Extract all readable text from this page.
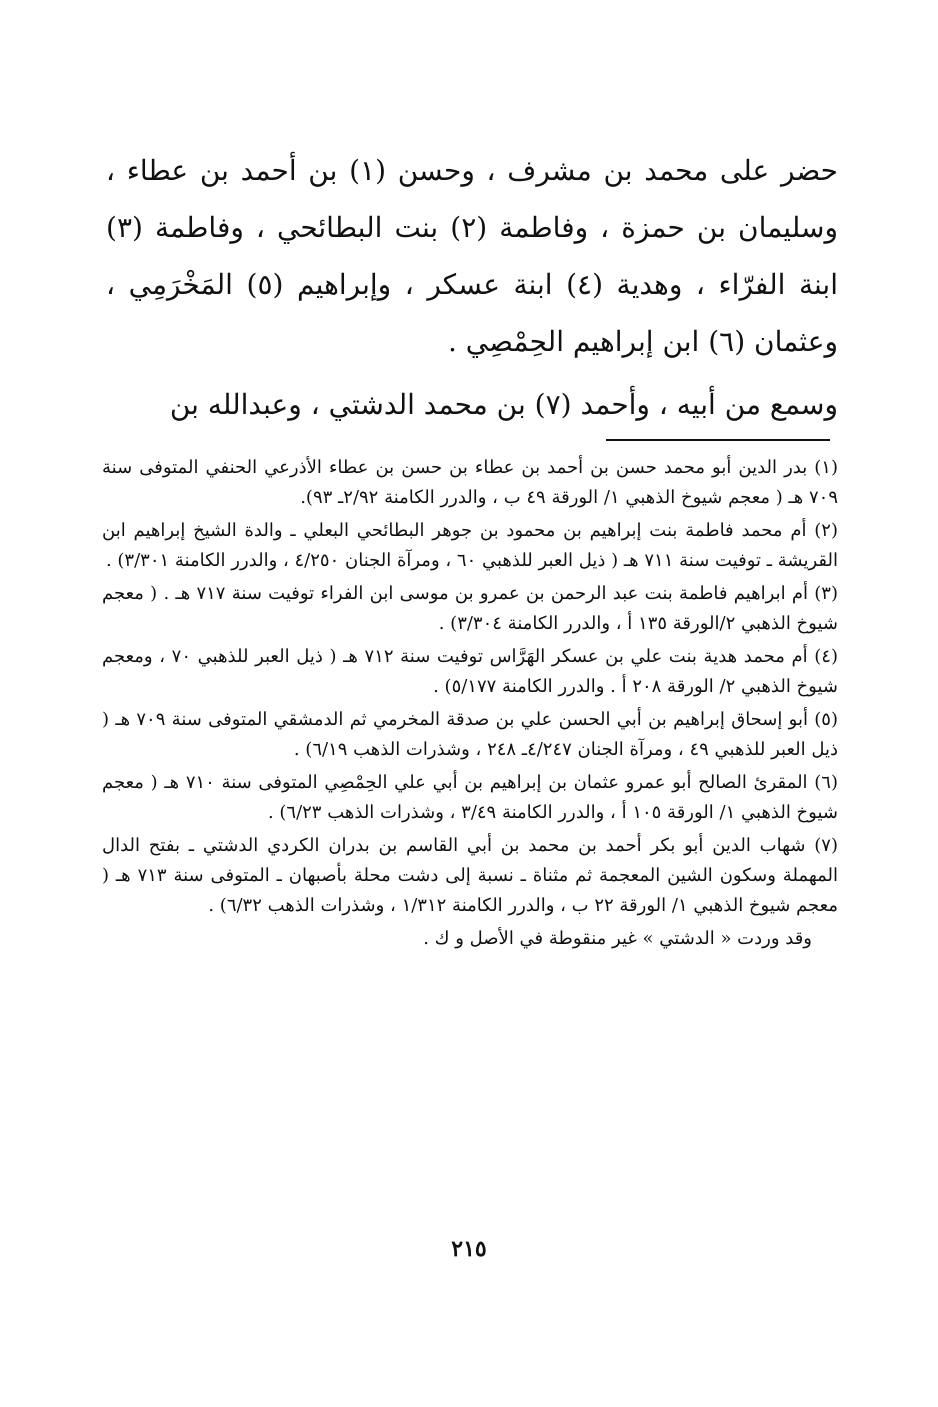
حضر على محمد بن مشرف ، وحسن (١) بن أحمد بن عطاء ، وسليمان بن حمزة ، وفاطمة (٢) بنت البطائحي ، وفاطمة (٣) ابنة الفرّاء ، وهدية (٤) ابنة عسكر ، وإبراهيم (٥) المَخْرَمِي ، وعثمان (٦) ابن إبراهيم الحِمْصِي .

وسمع من أبيه ، وأحمد (٧) بن محمد الدشتي ، وعبدالله بن

(١) بدر الدين أبو محمد حسن بن أحمد بن عطاء بن حسن بن عطاء الأذرعي الحنفي المتوفى سنة ٧٠٩ هـ ( معجم شيوخ الذهبي ١/ الورقة ٤٩ ب ، والدرر الكامنة ٢/٩٢ـ ٩٣).

(٢) أم محمد فاطمة بنت إبراهيم بن محمود بن جوهر البطائحي البعلي ـ والدة الشيخ إبراهيم ابن القريشة ـ توفيت سنة ٧١١ هـ ( ذيل العبر للذهبي ٦٠ ، ومرآة الجنان ٤/٢٥٠ ، والدرر الكامنة ٣/٣٠١) .

(٣) أم ابراهيم فاطمة بنت عبد الرحمن بن عمرو بن موسى ابن الفراء توفيت سنة ٧١٧ هـ . ( معجم شيوخ الذهبي ٢/الورقة ١٣٥ أ ، والدرر الكامنة ٣/٣٠٤) .

(٤) أم محمد هدية بنت علي بن عسكر الهَرَّاس توفيت سنة ٧١٢ هـ ( ذيل العبر للذهبي ٧٠ ، ومعجم شيوخ الذهبي ٢/ الورقة ٢٠٨ أ . والدرر الكامنة ٥/١٧٧) .

(٥) أبو إسحاق إبراهيم بن أبي الحسن علي بن صدقة المخرمي ثم الدمشقي المتوفى سنة ٧٠٩ هـ ( ذيل العبر للذهبي ٤٩ ، ومرآة الجنان ٤/٢٤٧ـ ٢٤٨ ، وشذرات الذهب ٦/١٩) .

(٦) المقرئ الصالح أبو عمرو عثمان بن إبراهيم بن أبي علي الحِمْصِي المتوفى سنة ٧١٠ هـ ( معجم شيوخ الذهبي ١/ الورقة ١٠٥ أ ، والدرر الكامنة ٣/٤٩ ، وشذرات الذهب ٦/٢٣) .

(٧) شهاب الدين أبو بكر أحمد بن محمد بن أبي القاسم بن بدران الكردي الدشتي ـ بفتح الدال المهملة وسكون الشين المعجمة ثم مثناة ـ نسبة إلى دشت محلة بأصبهان ـ المتوفى سنة ٧١٣ هـ ( معجم شيوخ الذهبي ١/ الورقة ٢٢ ب ، والدرر الكامنة ١/٣١٢ ، وشذرات الذهب ٦/٣٢) .

وقد وردت « الدشتي » غير منقوطة في الأصل و ك .

٢١٥
